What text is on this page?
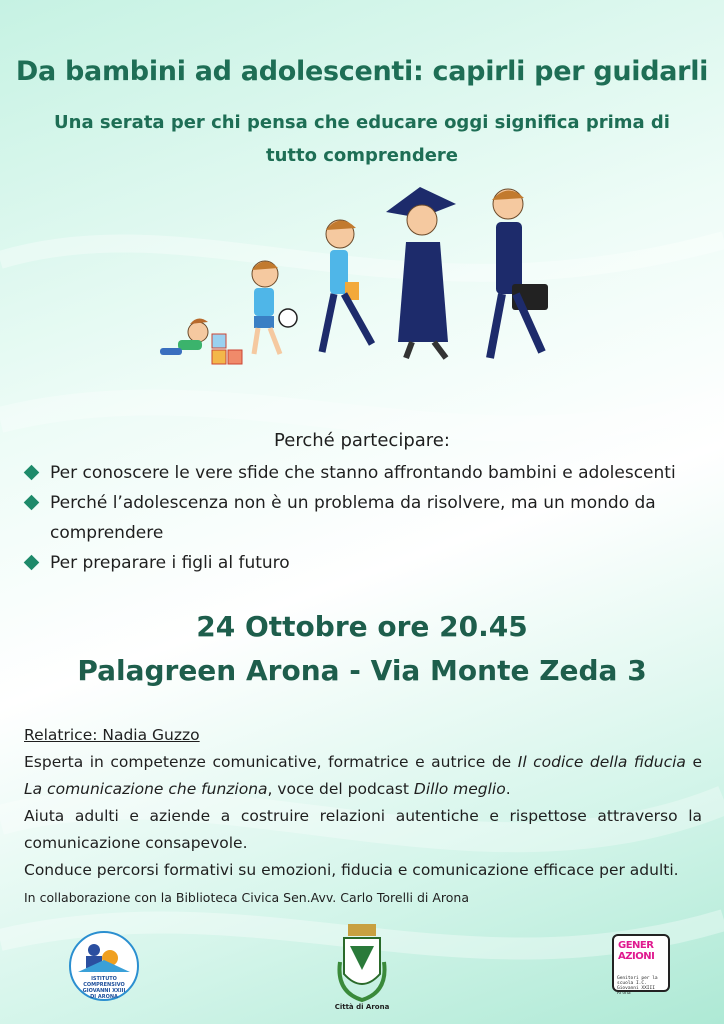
Da bambini ad adolescenti: capirli per guidarli
Una serata per chi pensa che educare oggi significa prima di tutto comprendere
Perché partecipare:
Per conoscere le vere sfide che stanno affrontando bambini e adolescenti
Perché l’adolescenza non è un problema da risolvere, ma un mondo da comprendere
Per preparare i figli al futuro
24 Ottobre ore 20.45
Palagreen Arona - Via Monte Zeda 3

Relatrice: Nadia Guzzo

Esperta in competenze comunicative, formatrice e autrice de Il codice della fiducia e La comunicazione che funziona, voce del podcast Dillo meglio.

Aiuta adulti e aziende a costruire relazioni autentiche e rispettose attraverso la comunicazione consapevole.

Conduce percorsi formativi su emozioni, fiducia e comunicazione efficace per adulti.

In collaborazione con la Biblioteca Civica Sen.Avv. Carlo Torelli di Arona
ISTITUTO
COMPRENSIVO
GIOVANNI XXIII
DI ARONA
Città di Arona
GENER
AZIONI
Genitori per la scuola I.C. Giovanni XXIII Arona
